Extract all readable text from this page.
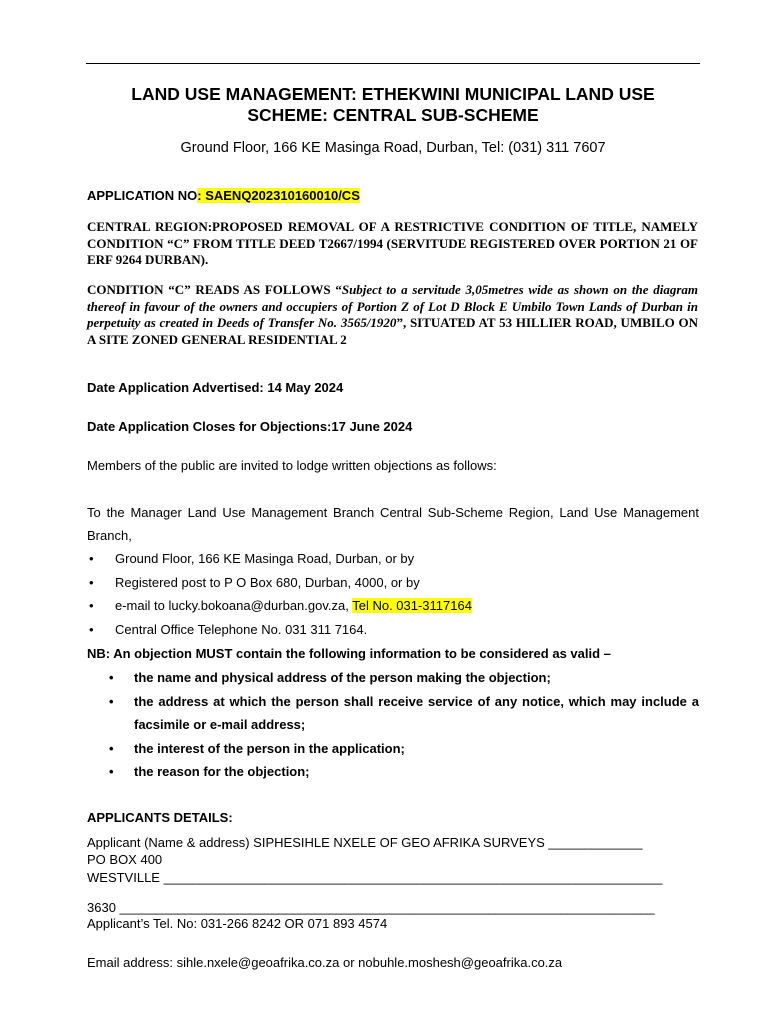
LAND USE MANAGEMENT: ETHEKWINI MUNICIPAL LAND USE
SCHEME: CENTRAL SUB-SCHEME
Ground Floor, 166 KE Masinga Road, Durban, Tel: (031) 311 7607
APPLICATION NO: SAENQ202310160010/CS

CENTRAL REGION:PROPOSED REMOVAL OF A RESTRICTIVE CONDITION OF TITLE, NAMELY CONDITION “C” FROM TITLE DEED T2667/1994 (SERVITUDE REGISTERED OVER PORTION 21 OF ERF 9264 DURBAN).

CONDITION “C” READS AS FOLLOWS “Subject to a servitude 3,05metres wide as shown on the diagram thereof in favour of the owners and occupiers of Portion Z of Lot D Block E Umbilo Town Lands of Durban in perpetuity as created in Deeds of Transfer No. 3565/1920”, SITUATED AT 53 HILLIER ROAD, UMBILO ON A SITE ZONED GENERAL RESIDENTIAL 2

Date Application Advertised: 14 May 2024
Date Application Closes for Objections:17 June 2024
Members of the public are invited to lodge written objections as follows:

To the Manager Land Use Management Branch Central Sub-Scheme Region, Land Use Management Branch,

• Ground Floor, 166 KE Masinga Road, Durban, or by
• Registered post to P O Box 680, Durban, 4000, or by
• e-mail to lucky.bokoana@durban.gov.za, Tel No. 031-3117164
• Central Office Telephone No. 031 311 7164.
NB: An objection MUST contain the following information to be considered as valid –
• the name and physical address of the person making the objection;
• the address at which the person shall receive service of any notice, which may include a facsimile or e-mail address;
• the interest of the person in the application;
• the reason for the objection;
APPLICANTS DETAILS:
Applicant (Name & address) SIPHESIHLE NXELE OF GEO AFRIKA SURVEYS _____________
PO BOX 400
WESTVILLE _____________________________________________________________________
3630 __________________________________________________________________________
Applicant’s Tel. No: 031-266 8242 OR 071 893 4574
Email address: sihle.nxele@geoafrika.co.za or nobuhle.moshesh@geoafrika.co.za
